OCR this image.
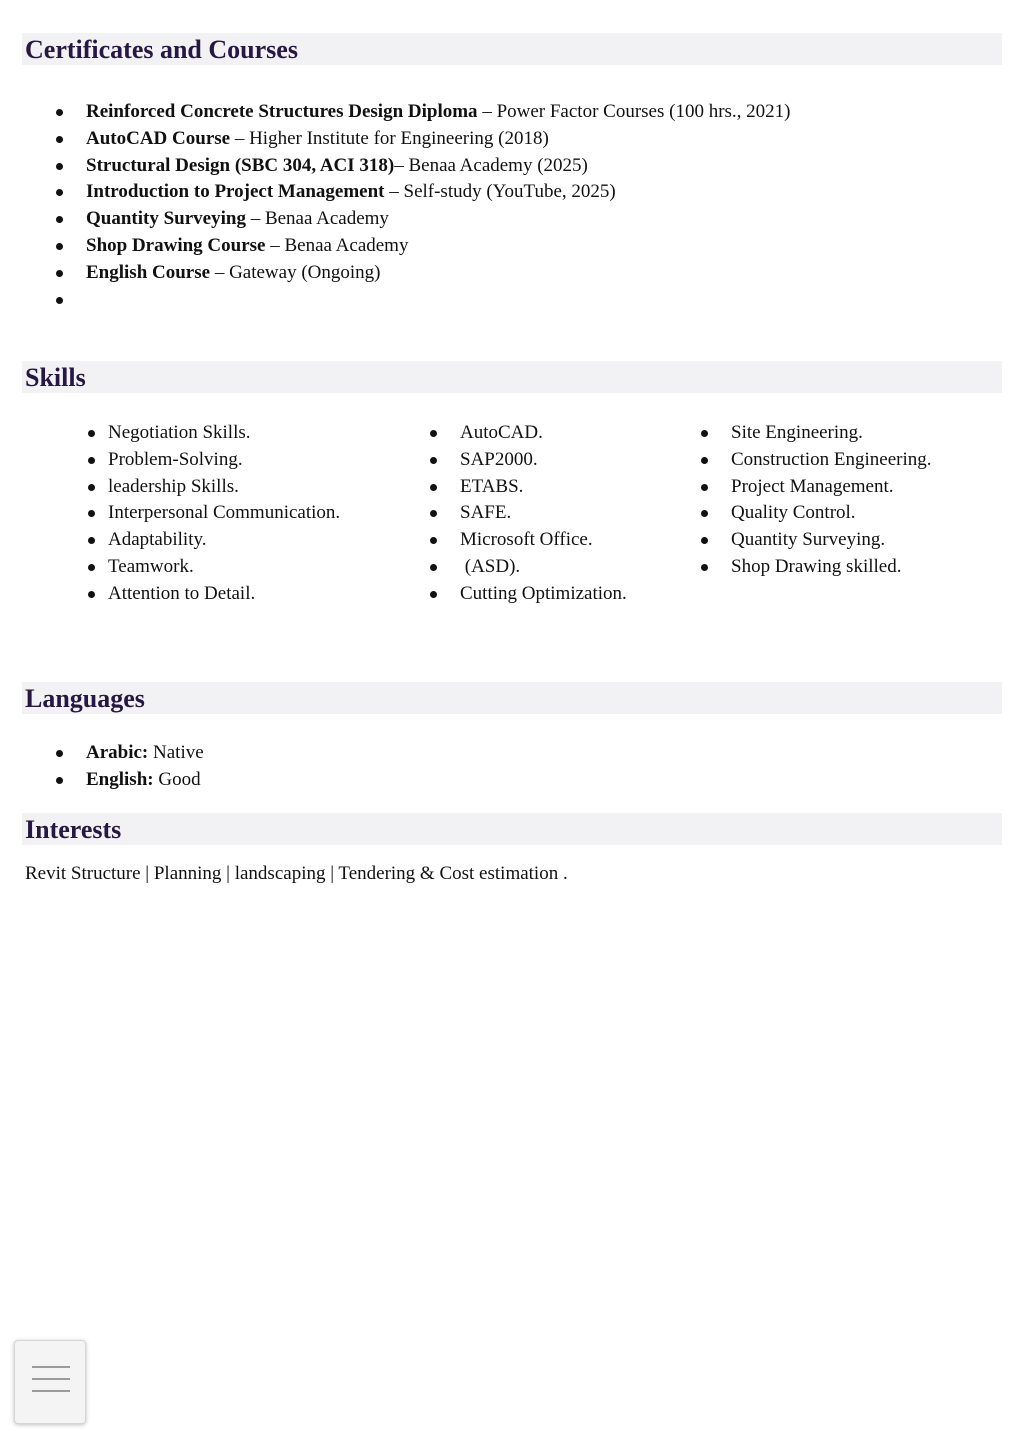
Certificates and Courses
Reinforced Concrete Structures Design Diploma – Power Factor Courses (100 hrs., 2021)
AutoCAD Course – Higher Institute for Engineering (2018)
Structural Design (SBC 304, ACI 318)– Benaa Academy (2025)
Introduction to Project Management – Self-study (YouTube, 2025)
Quantity Surveying – Benaa Academy
Shop Drawing Course – Benaa Academy
English Course – Gateway (Ongoing)
Skills
Negotiation Skills.
Problem-Solving.
leadership Skills.
Interpersonal Communication.
Adaptability.
Teamwork.
Attention to Detail.
AutoCAD.
SAP2000.
ETABS.
SAFE.
Microsoft Office.
(ASD).
Cutting Optimization.
Site Engineering.
Construction Engineering.
Project Management.
Quality Control.
Quantity Surveying.
Shop Drawing skilled.
Languages
Arabic: Native
English: Good
Interests
Revit Structure | Planning | landscaping | Tendering & Cost estimation .
